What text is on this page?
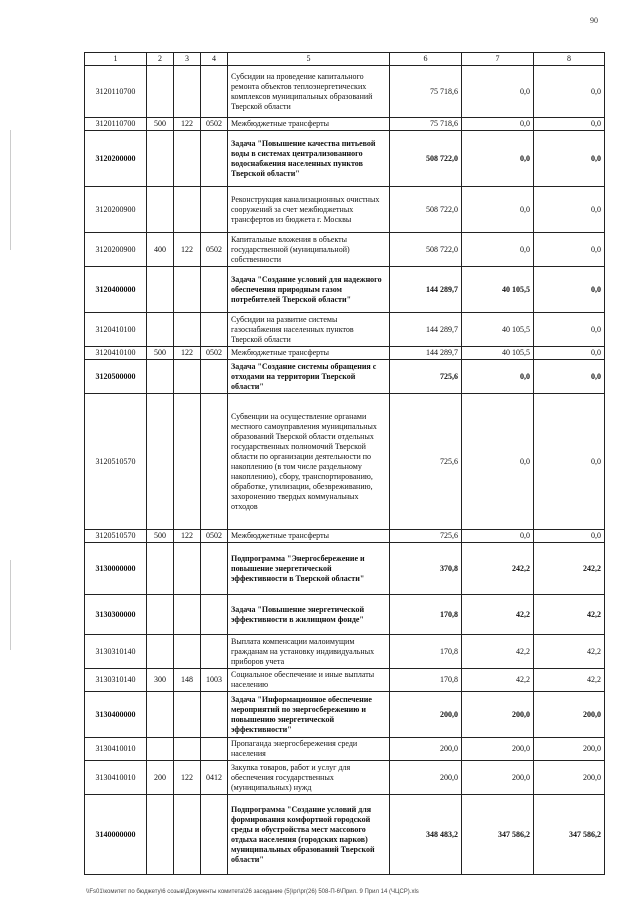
90
1	2	3	4	5	6	7	8
3120110700				Субсидии на проведение капитального ремонта объектов теплоэнергетических комплексов муниципальных образований Тверской области	75 718,6	0,0	0,0
3120110700	500	122	0502	Межбюджетные трансферты	75 718,6	0,0	0,0
3120200000				Задача "Повышение качества питьевой воды в системах централизованного водоснабжения населенных пунктов Тверской области"	508 722,0	0,0	0,0
3120200900				Реконструкция канализационных очистных сооружений за счет межбюджетных трансфертов из бюджета г. Москвы	508 722,0	0,0	0,0
3120200900	400	122	0502	Капитальные вложения в объекты государственной (муниципальной) собственности	508 722,0	0,0	0,0
3120400000				Задача "Создание условий для надежного обеспечения природным газом потребителей Тверской области"	144 289,7	40 105,5	0,0
3120410100				Субсидии на развитие системы газоснабжения населенных пунктов Тверской области	144 289,7	40 105,5	0,0
3120410100	500	122	0502	Межбюджетные трансферты	144 289,7	40 105,5	0,0
3120500000				Задача "Создание системы обращения с отходами на территории Тверской области"	725,6	0,0	0,0
3120510570				Субвенции на осуществление органами местного самоуправления муниципальных образований Тверской области отдельных государственных полномочий Тверской области по организации деятельности по накоплению (в том числе раздельному накоплению), сбору, транспортированию, обработке, утилизации, обезвреживанию, захоронению твердых коммунальных отходов	725,6	0,0	0,0
3120510570	500	122	0502	Межбюджетные трансферты	725,6	0,0	0,0
3130000000				Подпрограмма "Энергосбережение и повышение энергетической эффективности в Тверской области"	370,8	242,2	242,2
3130300000				Задача "Повышение энергетической эффективности в жилищном фонде"	170,8	42,2	42,2
3130310140				Выплата компенсации малоимущим гражданам на установку индивидуальных приборов учета	170,8	42,2	42,2
3130310140	300	148	1003	Социальное обеспечение и иные выплаты населению	170,8	42,2	42,2
3130400000				Задача "Информационное обеспечение мероприятий по энергосбережению и повышению энергетической эффективности"	200,0	200,0	200,0
3130410010				Пропаганда энергосбережения среди населения	200,0	200,0	200,0
3130410010	200	122	0412	Закупка товаров, работ и услуг для обеспечения государственных (муниципальных) нужд	200,0	200,0	200,0
3140000000				Подпрограмма "Создание условий для формирования комфортной городской среды и обустройства мест массового отдыха населения (городских парков) муниципальных образований Тверской области"	348 483,2	347 586,2	347 586,2
\\Fs01\комитет по бюджету\6 созыв\Документы комитета\26 заседание (5)\рг\рг(26) 508-П-6\Прил. 9 Прил 14 (ЧЦСР).xls
